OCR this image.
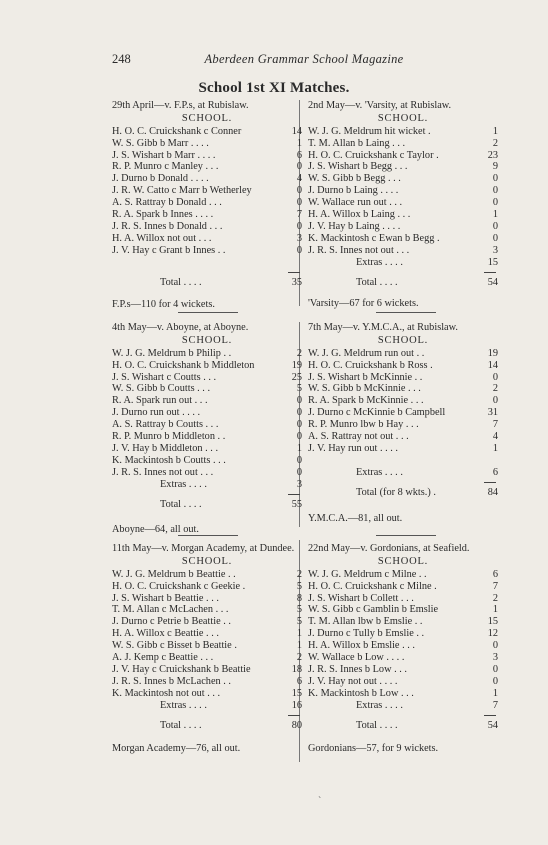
248	Aberdeen Grammar School Magazine
School 1st XI Matches.
29th April—v. F.P.s, at Rubislaw.
SCHOOL.
H. O. C. Cruickshank c Conner	14
W. S. Gibb b Marr . . . .	1
J. S. Wishart b Marr . . . .	6
R. P. Munro c Manley . . .	0
J. Durno b Donald . . . .	4
J. R. W. Catto c Marr b Wetherley	0
A. S. Rattray b Donald . . .	0
R. A. Spark b Innes . . . .	7
J. R. S. Innes b Donald . . .	0
H. A. Willox not out . . .	3
J. V. Hay c Grant b Innes . .	0
Total . . . .	35
F.P.s—110 for 4 wickets.
2nd May—v. 'Varsity, at Rubislaw.
SCHOOL.
W. J. G. Meldrum hit wicket .	1
T. M. Allan b Laing . . .	2
H. O. C. Cruickshank c Taylor .	23
J. S. Wishart b Begg . . .	9
W. S. Gibb b Begg . . .	0
J. Durno b Laing . . . .	0
W. Wallace run out . . .	0
H. A. Willox b Laing . . .	1
J. V. Hay b Laing . . . .	0
K. Mackintosh c Ewan b Begg .	0
J. R. S. Innes not out . . .	3
Extras . . . .	15
Total . . . .	54
'Varsity—67 for 6 wickets.
4th May—v. Aboyne, at Aboyne.
SCHOOL.
W. J. G. Meldrum b Philip . .	2
H. O. C. Cruickshank b Middleton	19
J. S. Wishart c Coutts . . .	25
W. S. Gibb b Coutts . . .	5
R. A. Spark run out . . .	0
J. Durno run out . . . .	0
A. S. Rattray b Coutts . . .	0
R. P. Munro b Middleton . .	0
J. V. Hay b Middleton . . .	1
K. Mackintosh b Coutts . . .	0
J. R. S. Innes not out . . .	0
Extras . . . .	3
Total . . . .	55
Aboyne—64, all out.
7th May—v. Y.M.C.A., at Rubislaw.
SCHOOL.
W. J. G. Meldrum run out . .	19
H. O. C. Cruickshank b Ross .	14
J. S. Wishart b McKinnie . .	0
W. S. Gibb b McKinnie . . .	2
R. A. Spark b McKinnie . . .	0
J. Durno c McKinnie b Campbell	31
R. P. Munro lbw b Hay . . .	7
A. S. Rattray not out . . .	4
J. V. Hay run out . . . .	1
Extras . . . .	6
Total (for 8 wkts.) .	84
Y.M.C.A.—81, all out.
11th May—v. Morgan Academy, at Dundee.
SCHOOL.
W. J. G. Meldrum b Beattie . .	2
H. O. C. Cruickshank c Geekie .	5
J. S. Wishart b Beattie . . .	8
T. M. Allan c McLachen . . .	5
J. Durno c Petrie b Beattie . .	5
H. A. Willox c Beattie . . .	1
W. S. Gibb c Bisset b Beattie .	1
A. J. Kemp c Beattie . . .	2
J. V. Hay c Cruickshank b Beattie	18
J. R. S. Innes b McLachen . .	6
K. Mackintosh not out . . .	15
Extras . . . .	16
Total . . . .	80
Morgan Academy—76, all out.
22nd May—v. Gordonians, at Seafield.
SCHOOL.
W. J. G. Meldrum c Milne . .	6
H. O. C. Cruickshank c Milne .	7
J. S. Wishart b Collett . . .	2
W. S. Gibb c Gamblin b Emslie	1
T. M. Allan lbw b Emslie . .	15
J. Durno c Tully b Emslie . .	12
H. A. Willox b Emslie . . .	0
W. Wallace b Low . . . .	3
J. R. S. Innes b Low . . .	0
J. V. Hay not out . . . .	0
K. Mackintosh b Low . . .	1
Extras . . . .	7
Total . . . .	54
Gordonians—57, for 9 wickets.
`
